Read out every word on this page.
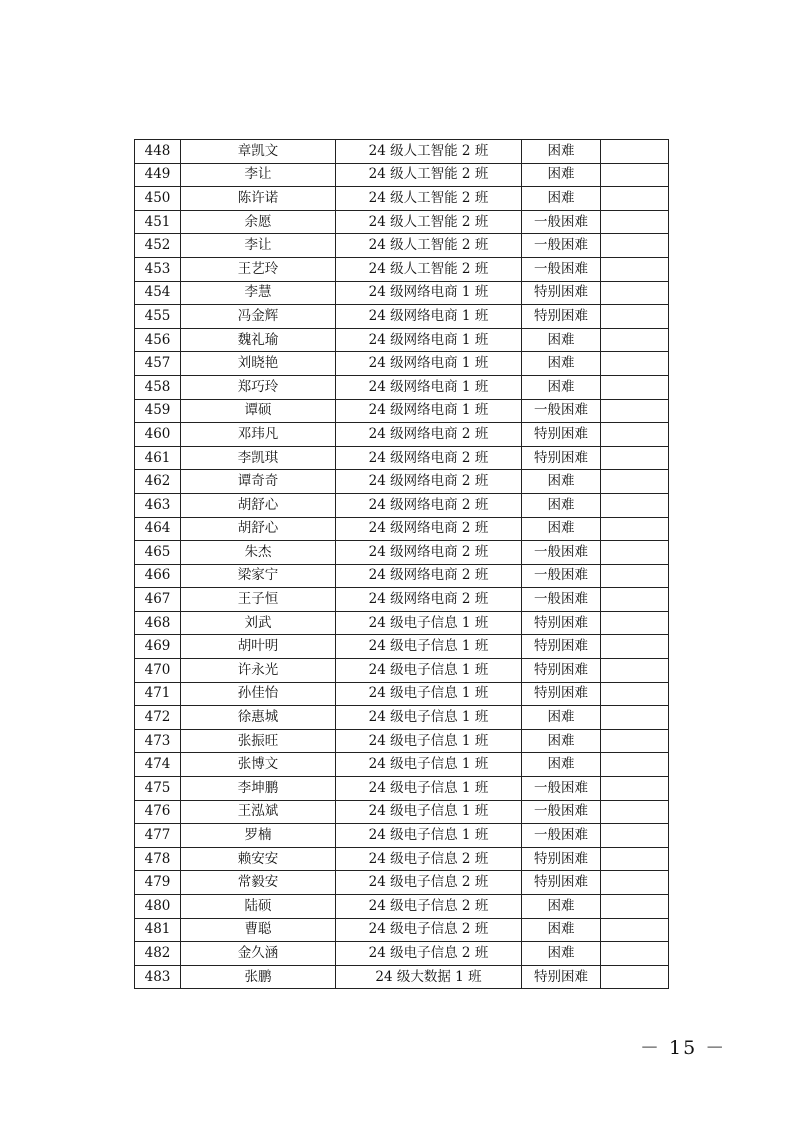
448	章凯文	24 级人工智能 2 班	困难	
449	李让	24 级人工智能 2 班	困难	
450	陈许诺	24 级人工智能 2 班	困难	
451	余愿	24 级人工智能 2 班	一般困难	
452	李让	24 级人工智能 2 班	一般困难	
453	王艺玲	24 级人工智能 2 班	一般困难	
454	李慧	24 级网络电商 1 班	特别困难	
455	冯金辉	24 级网络电商 1 班	特别困难	
456	魏礼瑜	24 级网络电商 1 班	困难	
457	刘晓艳	24 级网络电商 1 班	困难	
458	郑巧玲	24 级网络电商 1 班	困难	
459	谭硕	24 级网络电商 1 班	一般困难	
460	邓玮凡	24 级网络电商 2 班	特别困难	
461	李凯琪	24 级网络电商 2 班	特别困难	
462	谭奇奇	24 级网络电商 2 班	困难	
463	胡舒心	24 级网络电商 2 班	困难	
464	胡舒心	24 级网络电商 2 班	困难	
465	朱杰	24 级网络电商 2 班	一般困难	
466	梁家宁	24 级网络电商 2 班	一般困难	
467	王子恒	24 级网络电商 2 班	一般困难	
468	刘武	24 级电子信息 1 班	特别困难	
469	胡叶明	24 级电子信息 1 班	特别困难	
470	许永光	24 级电子信息 1 班	特别困难	
471	孙佳怡	24 级电子信息 1 班	特别困难	
472	徐惠城	24 级电子信息 1 班	困难	
473	张振旺	24 级电子信息 1 班	困难	
474	张博文	24 级电子信息 1 班	困难	
475	李坤鹏	24 级电子信息 1 班	一般困难	
476	王泓斌	24 级电子信息 1 班	一般困难	
477	罗楠	24 级电子信息 1 班	一般困难	
478	赖安安	24 级电子信息 2 班	特别困难	
479	常毅安	24 级电子信息 2 班	特别困难	
480	陆硕	24 级电子信息 2 班	困难	
481	曹聪	24 级电子信息 2 班	困难	
482	金久涵	24 级电子信息 2 班	困难	
483	张鹏	24 级大数据 1 班	特别困难	
－ 15 －
